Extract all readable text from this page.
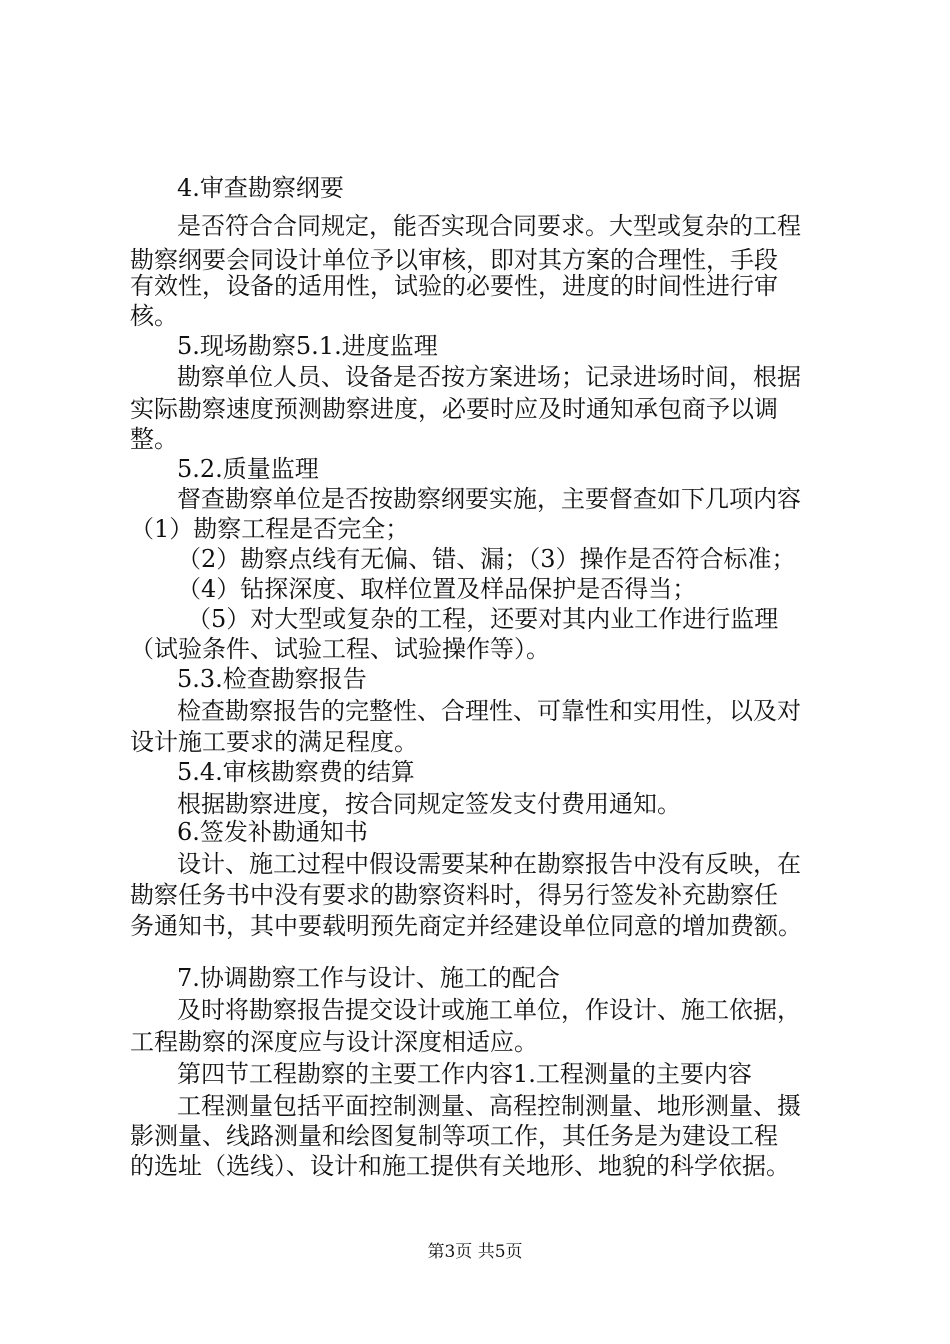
4.审查勘察纲要
是否符合合同规定，能否实现合同要求。大型或复杂的工程
勘察纲要会同设计单位予以审核，即对其方案的合理性，手段
有效性，设备的适用性，试验的必要性，进度的时间性进行审
核。
5.现场勘察5.1.进度监理
勘察单位人员、设备是否按方案进场；记录进场时间，根据
实际勘察速度预测勘察进度，必要时应及时通知承包商予以调
整。
5.2.质量监理
督查勘察单位是否按勘察纲要实施，主要督查如下几项内容
（1）勘察工程是否完全；
（2）勘察点线有无偏、错、漏；（3）操作是否符合标准；
（4）钻探深度、取样位置及样品保护是否得当；
（5）对大型或复杂的工程，还要对其内业工作进行监理
（试验条件、试验工程、试验操作等）。
5.3.检查勘察报告
检查勘察报告的完整性、合理性、可靠性和实用性，以及对
设计施工要求的满足程度。
5.4.审核勘察费的结算
根据勘察进度，按合同规定签发支付费用通知。
6.签发补勘通知书
设计、施工过程中假设需要某种在勘察报告中没有反映，在
勘察任务书中没有要求的勘察资料时，得另行签发补充勘察任
务通知书，其中要载明预先商定并经建设单位同意的增加费额。
7.协调勘察工作与设计、施工的配合
及时将勘察报告提交设计或施工单位，作设计、施工依据，
工程勘察的深度应与设计深度相适应。
第四节工程勘察的主要工作内容1.工程测量的主要内容
工程测量包括平面控制测量、高程控制测量、地形测量、摄
影测量、线路测量和绘图复制等项工作，其任务是为建设工程
的选址（选线）、设计和施工提供有关地形、地貌的科学依据。
第3页 共5页
